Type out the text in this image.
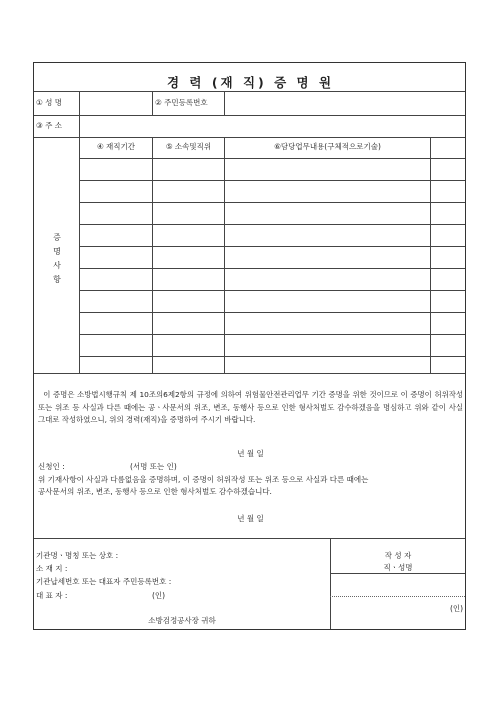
경 력 (재 직) 증 명 원
① 성 명	② 주민등록번호
③ 주 소
증
명
사
항
④ 재직기간	⑤ 소속및직위	⑥담당업무내용(구체적으로기술)
이 증명은 소방법시행규칙 제 10조의6제2항의 규정에 의하여 위험물안전관리업무 기간 증명을 위한 것이므로 이 증명이 허위작성 또는 위조 등 사실과 다른 때에는 공ㆍ사문서의 위조, 변조, 동행사 등으로 인한 형사처벌도 감수하겠음을 명심하고 위와 같이 사실 그대로 작성하였으니, 위의 경력(재직)을 증명하여 주시기 바랍니다.
년 월 일
신청인 :	(서명 또는 인)
위 기재사항이 사실과 다름없음을 증명하며, 이 증명이 허위작성 또는 위조 등으로 사실과 다른 때에는
공사문서의 위조, 변조, 동행사 등으로 인한 형사처벌도 감수하겠습니다.
년 월 일
기관명ㆍ명칭 또는 상호 :
소 재 지 :
기관납세번호 또는 대표자 주민등록번호 :
대 표 자 :	(인)
소방검정공사장 귀하
작 성 자
직ㆍ성명
(인)
